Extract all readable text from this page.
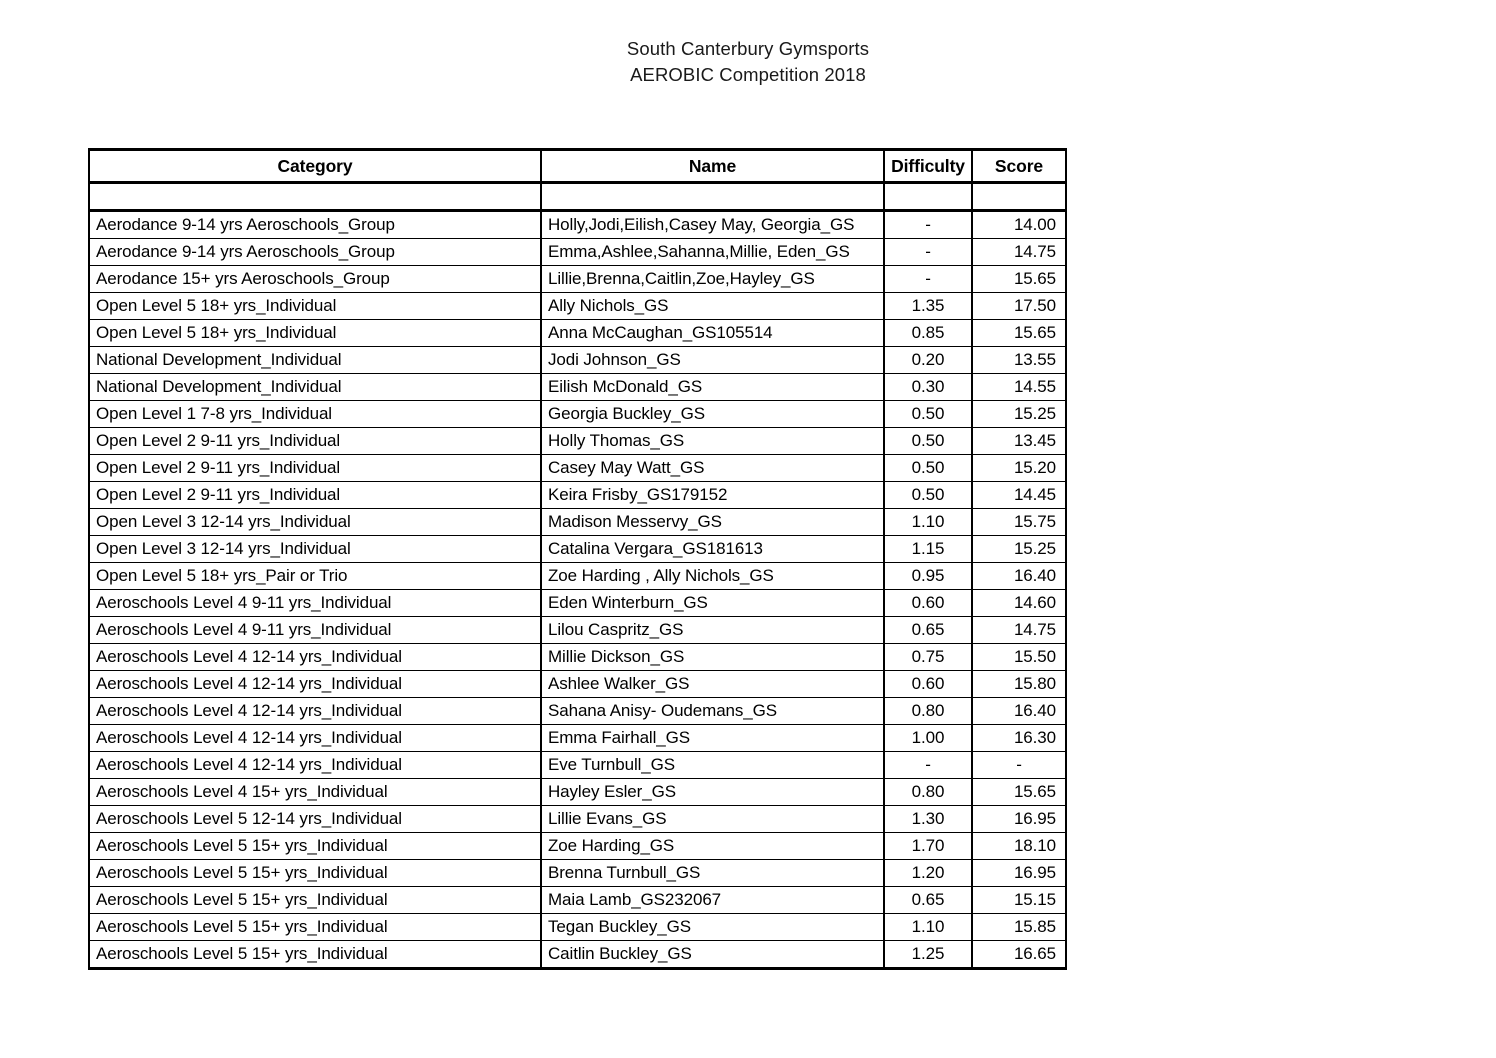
South Canterbury Gymsports
AEROBIC Competition 2018
Category	Name	Difficulty	Score

Aerodance 9-14 yrs Aeroschools_Group	Holly,Jodi,Eilish,Casey May, Georgia_GS	-	14.00

Aerodance 9-14 yrs Aeroschools_Group	Emma,Ashlee,Sahanna,Millie, Eden_GS	-	14.75

Aerodance 15+ yrs Aeroschools_Group	Lillie,Brenna,Caitlin,Zoe,Hayley_GS	-	15.65

Open Level 5 18+ yrs_Individual	Ally Nichols_GS	1.35	17.50

Open Level 5 18+ yrs_Individual	Anna McCaughan_GS105514	0.85	15.65

National Development_Individual	Jodi Johnson_GS	0.20	13.55

National Development_Individual	Eilish McDonald_GS	0.30	14.55

Open Level 1 7-8 yrs_Individual	Georgia Buckley_GS	0.50	15.25

Open Level 2 9-11 yrs_Individual	Holly Thomas_GS	0.50	13.45

Open Level 2 9-11 yrs_Individual	Casey May Watt_GS	0.50	15.20

Open Level 2 9-11 yrs_Individual	Keira Frisby_GS179152	0.50	14.45

Open Level 3 12-14 yrs_Individual	Madison Messervy_GS	1.10	15.75

Open Level 3 12-14 yrs_Individual	Catalina Vergara_GS181613	1.15	15.25

Open Level 5 18+ yrs_Pair or Trio	Zoe Harding , Ally Nichols_GS	0.95	16.40

Aeroschools Level 4 9-11 yrs_Individual	Eden Winterburn_GS	0.60	14.60

Aeroschools Level 4 9-11 yrs_Individual	Lilou Caspritz_GS	0.65	14.75

Aeroschools Level 4 12-14 yrs_Individual	Millie Dickson_GS	0.75	15.50

Aeroschools Level 4 12-14 yrs_Individual	Ashlee Walker_GS	0.60	15.80

Aeroschools Level 4 12-14 yrs_Individual	Sahana Anisy- Oudemans_GS	0.80	16.40

Aeroschools Level 4 12-14 yrs_Individual	Emma Fairhall_GS	1.00	16.30

Aeroschools Level 4 12-14 yrs_Individual	Eve Turnbull_GS	-	-

Aeroschools Level 4 15+ yrs_Individual	Hayley Esler_GS	0.80	15.65

Aeroschools Level 5 12-14 yrs_Individual	Lillie Evans_GS	1.30	16.95

Aeroschools Level 5 15+ yrs_Individual	Zoe Harding_GS	1.70	18.10

Aeroschools Level 5 15+ yrs_Individual	Brenna Turnbull_GS	1.20	16.95

Aeroschools Level 5 15+ yrs_Individual	Maia Lamb_GS232067	0.65	15.15

Aeroschools Level 5 15+ yrs_Individual	Tegan Buckley_GS	1.10	15.85

Aeroschools Level 5 15+ yrs_Individual	Caitlin Buckley_GS	1.25	16.65
